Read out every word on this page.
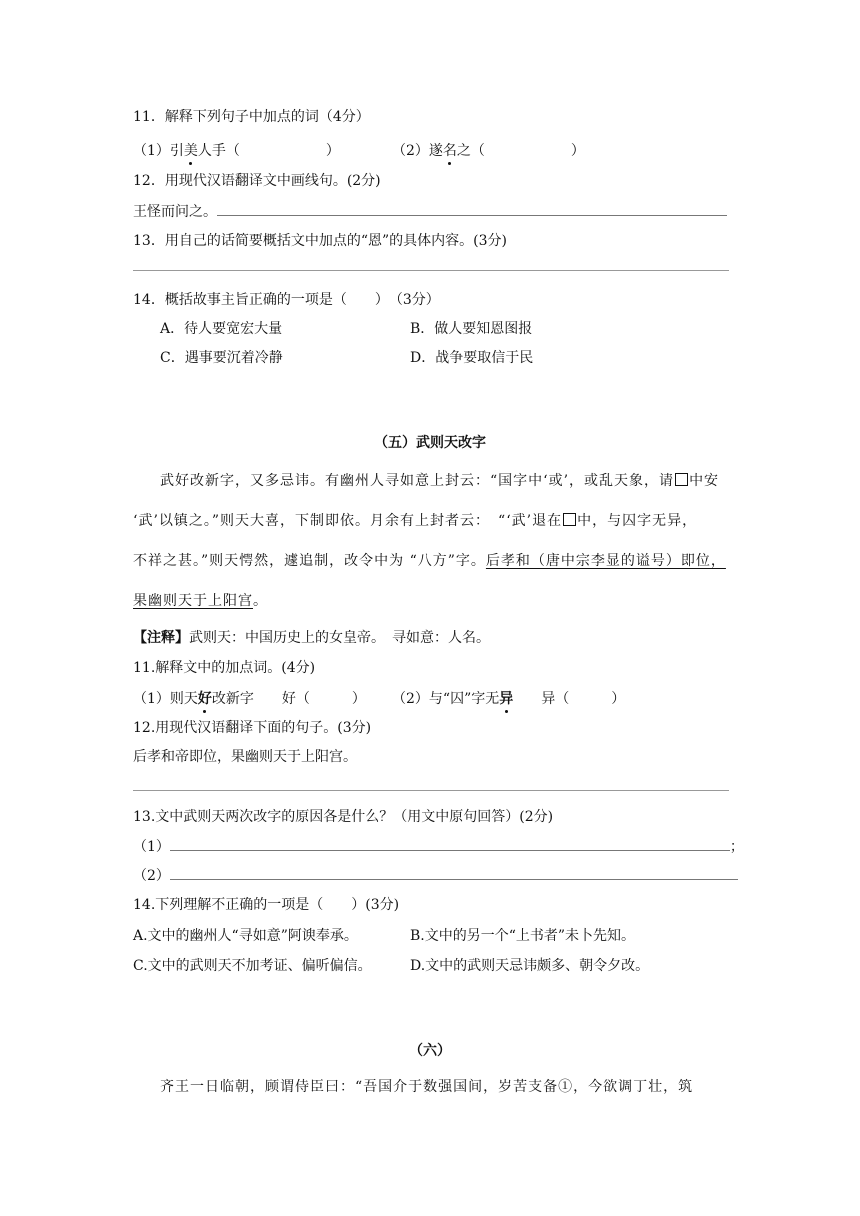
11．解释下列句子中加点的词（4分）
（1）引美人手（	）	（2）遂名之（	）
12．用现代汉语翻译文中画线句。(2分)
王怪而问之。
13．用自己的话简要概括文中加点的“恩”的具体内容。(3分)
14．概括故事主旨正确的一项是（　　）　（3分）
A．待人要宽宏大量	B．做人要知恩图报
C．遇事要沉着冷静	D．战争要取信于民
（五）武则天改字
武好改新字，又多忌讳。有幽州人寻如意上封云：“国字中‘或’，或乱天象，请 中安
‘武’以镇之。”则天大喜，下制即依。月余有上封者云：　“‘武’退在 中，与囚字无异，
不祥之甚。”则天愕然，遽追制，改令中为 “八方”字。后孝和（唐中宗李显的谥号）即位，
果幽则天于上阳宫。
【注释】武则天：中国历史上的女皇帝。　寻如意：人名。
11.解释文中的加点词。(4分)
（1）则天好改新字　　好（　　　） （2）与“囚”字无异　　异（　　　）
12.用现代汉语翻译下面的句子。(3分)
后孝和帝即位，果幽则天于上阳宫。
13.文中武则天两次改字的原因各是什么？（用文中原句回答）(2分)
（1）	；
（2）
14.下列理解不正确的一项是（　　）(3分)
A.文中的幽州人“寻如意”阿谀奉承。	B.文中的另一个“上书者”未卜先知。
C.文中的武则天不加考证、偏听偏信。	D.文中的武则天忌讳颇多、朝令夕改。
（六）
齐王一日临朝，顾谓侍臣曰：“吾国介于数强国间，岁苦支备①，今欲调丁壮，筑
